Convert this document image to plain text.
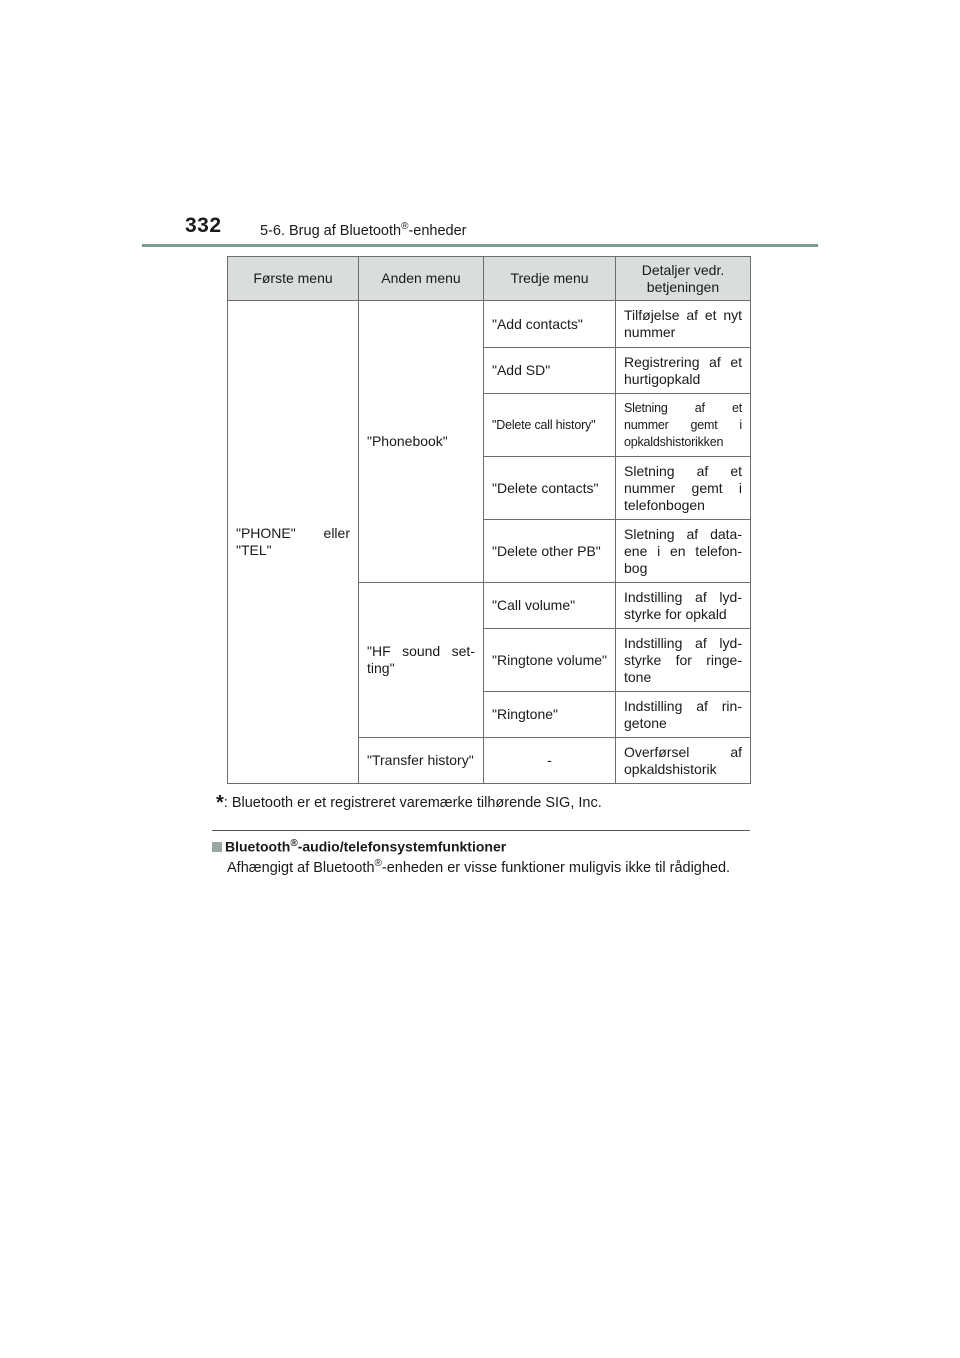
332	5-6. Brug af Bluetooth®-enheder
Første menu	Anden menu	Tredje menu	Detaljer vedr. betjeningen
"PHONE" eller "TEL"	"Phonebook"	"Add contacts"	Tilføjelse af et nyt nummer
		"Add SD"	Registrering af et hurtigopkald
		"Delete call history"	Sletning af et nummer gemt i opkaldshistorikken
		"Delete contacts"	Sletning af et nummer gemt i telefonbogen
		"Delete other PB"	Sletning af data-ene i en telefon-bog
	"HF sound set-ting"	"Call volume"	Indstilling af lyd-styrke for opkald
		"Ringtone volume"	Indstilling af lyd-styrke for ringe-tone
		"Ringtone"	Indstilling af rin-getone
	"Transfer history"	-	Overførsel af opkaldshistorik
*: Bluetooth er et registreret varemærke tilhørende SIG, Inc.
Bluetooth®-audio/telefonsystemfunktioner
Afhængigt af Bluetooth®-enheden er visse funktioner muligvis ikke til rådighed.
